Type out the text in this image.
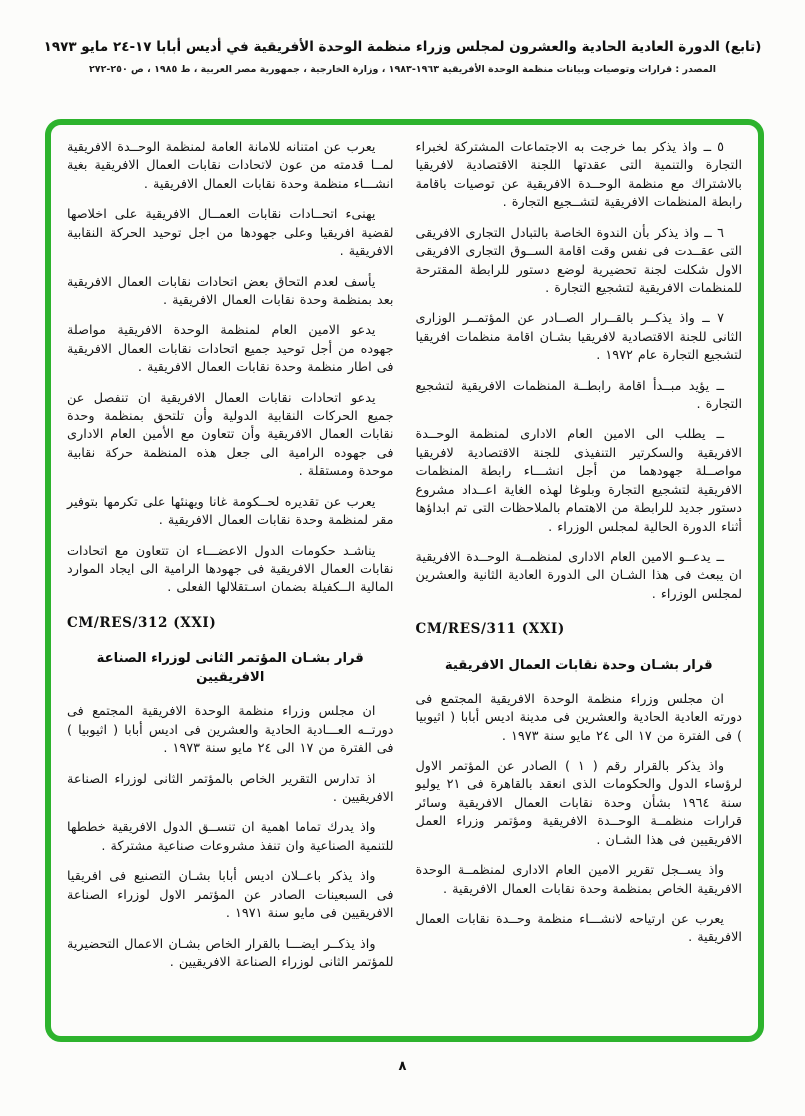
(تابع) الدورة العادية الحادية والعشرون لمجلس وزراء منظمة الوحدة الأفريقية في أديس أبابا ١٧-٢٤ مايو ١٩٧٣
المصدر : قرارات وتوصيات وبيانات منظمة الوحدة الأفريقية ١٩٦٣-١٩٨٣ ، وزارة الخارجية ، جمهورية مصر العربية ، ط ١٩٨٥ ، ص ٢٥٠-٢٧٢

٥ ــ واذ يذكر بما خرجت به الاجتماعات المشتركة لخبراء التجارة والتنمية التى عقدتها اللجنة الاقتصادية لافريقيا بالاشتراك مع منظمة الوحــدة الافريقية عن توصيات باقامة رابطة المنظمات الافريقية لتشــجيع التجارة .

٦ ــ واذ يذكر بأن الندوة الخاصة بالتبادل التجارى الافريقى التى عقــدت فى نفس وقت اقامة الســوق التجارى الافريقى الاول شكلت لجنة تحضيرية لوضع دستور للرابطة المقترحة للمنظمات الافريقية لتشجيع التجارة .

٧ ــ واذ يذكــر بالقــرار الصــادر عن المؤتمــر الوزارى الثانى للجنة الاقتصادية لافريقيا بشـان اقامة منظمات افريقيا لتشجيع التجارة عام ١٩٧٢ .

ــ يؤيد مبــدأ اقامة رابطــة المنظمات الافريقية لتشجيع التجارة .

ــ يطلب الى الامين العام الادارى لمنظمة الوحــدة الافريقية والسكرتير التنفيذى للجنة الاقتصادية لافريقيا مواصــلة جهودهما من أجل انشـــاء رابطة المنظمات الافريقية لتشجيع التجارة وبلوغا لهذه الغاية اعــداد مشروع دستور جديد للرابطة من الاهتمام بالملاحظات التى تم ابداؤها أثناء الدورة الحالية لمجلس الوزراء .

ــ يدعــو الامين العام الادارى لمنظمــة الوحــدة الافريقية ان يبعث فى هذا الشـان الى الدورة العادية الثانية والعشرين لمجلس الوزراء .

CM/RES/311 (XXI)
قرار بشـان وحدة نقابات العمال الافريقية

ان مجلس وزراء منظمة الوحدة الافريقية المجتمع فى دورته العادية الحادية والعشرين فى مدينة اديس أبابا ( اثيوبيا ) فى الفترة من ١٧ الى ٢٤ مايو سنة ١٩٧٣ .

واذ يذكر بالقرار رقم ( ١ ) الصادر عن المؤتمر الاول لرؤساء الدول والحكومات الذى انعقد بالقاهرة فى ٢١ يوليو سنة ١٩٦٤ بشأن وحدة نقابات العمال الافريقية وسائر قرارات منظمــة الوحــدة الافريقية ومؤتمر وزراء العمل الافريقيين فى هذا الشـان .

واذ يســجل تقرير الامين العام الادارى لمنظمــة الوحدة الافريقية الخاص بمنظمة وحدة نقابات العمال الافريقية .

يعرب عن ارتياحه لانشـــاء منظمة وحــدة نقابات العمال الافريقية .

يعرب عن امتنانه للامانة العامة لمنظمة الوحــدة الافريقية لمــا قدمته من عون لاتحادات نقابات العمال الافريقية بغية انشـــاء منظمة وحدة نقابات العمال الافريقية .

يهنىء اتحــادات نقابات العمــال الافريقية على اخلاصها لقضية افريقيا وعلى جهودها من اجل توحيد الحركة النقابية الافريقية .

يأسف لعدم التحاق بعض اتحادات نقابات العمال الافريقية بعد بمنظمة وحدة نقابات العمال الافريقية .

يدعو الامين العام لمنظمة الوحدة الافريقية مواصلة جهوده من أجل توحيد جميع اتحادات نقابات العمال الافريقية فى اطار منظمة وحدة نقابات العمال الافريقية .

يدعو اتحادات نقابات العمال الافريقية ان تنفصل عن جميع الحركات النقابية الدولية وأن تلتحق بمنظمة وحدة نقابات العمال الافريقية وأن تتعاون مع الأمين العام الادارى فى جهوده الرامية الى جعل هذه المنظمة حركة نقابية موحدة ومستقلة .

يعرب عن تقديره لحــكومة غانا ويهنئها على تكرمها بتوفير مقر لمنظمة وحدة نقابات العمال الافريقية .

يناشـد حكومات الدول الاعضـــاء ان تتعاون مع اتحادات نقابات العمال الافريقية فى جهودها الرامية الى ايجاد الموارد المالية الــكفيلة بضمان اسـتقلالها الفعلى .

CM/RES/312 (XXI)
قرار بشـان المؤتمر الثانى لوزراء الصناعة الافريقيين

ان مجلس وزراء منظمة الوحدة الافريقية المجتمع فى دورتــه العـــادية الحادية والعشرين فى اديس أبابا ( اثيوبيا ) فى الفترة من ١٧ الى ٢٤ مايو سنة ١٩٧٣ .

اذ تدارس التقرير الخاص بالمؤتمر الثانى لوزراء الصناعة الافريقيين .

واذ يدرك تماما اهمية ان تنســق الدول الافريقية خططها للتنمية الصناعية وان تنفذ مشروعات صناعية مشتركة .

واذ يذكر باعــلان اديس أبابا بشـان التصنيع فى افريقيا فى السبعينات الصادر عن المؤتمر الاول لوزراء الصناعة الافريقيين فى مايو سنة ١٩٧١ .

واذ يذكــر ايضـــا بالقرار الخاص بشـان الاعمال التحضيرية للمؤتمر الثانى لوزراء الصناعة الافريقيين .

٨
